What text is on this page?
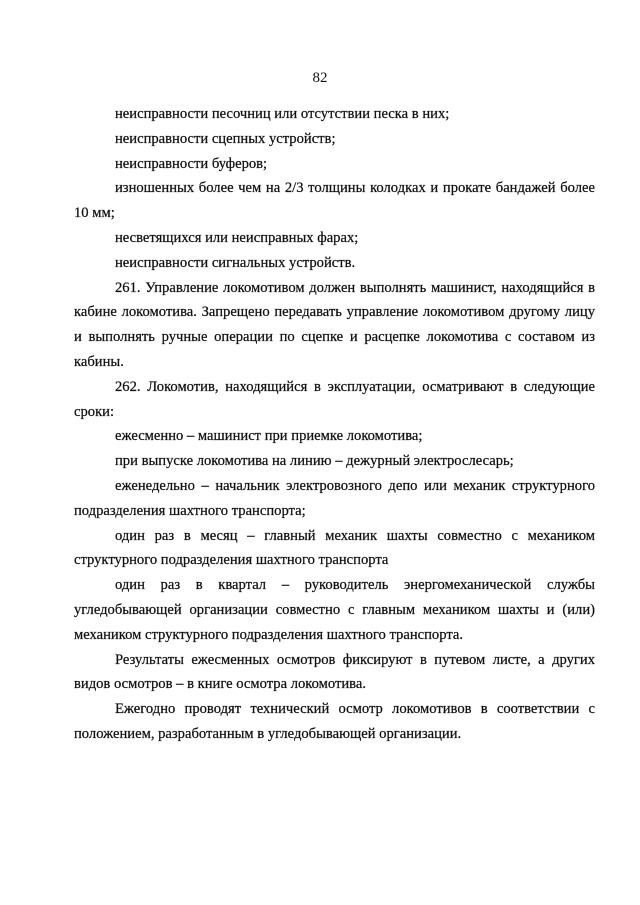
82

неисправности песочниц или отсутствии песка в них;

неисправности сцепных устройств;

неисправности буферов;

изношенных более чем на 2/3 толщины колодках и прокате бандажей более 10 мм;

несветящихся или неисправных фарах;

неисправности сигнальных устройств.

261. Управление локомотивом должен выполнять машинист, находящийся в кабине локомотива. Запрещено передавать управление локомотивом другому лицу и выполнять ручные операции по сцепке и расцепке локомотива с составом из кабины.

262. Локомотив, находящийся в эксплуатации, осматривают в следующие сроки:

ежесменно – машинист при приемке локомотива;

при выпуске локомотива на линию – дежурный электрослесарь;

еженедельно – начальник электровозного депо или механик структурного подразделения шахтного транспорта;

один раз в месяц – главный механик шахты совместно с механиком структурного подразделения шахтного транспорта

один раз в квартал – руководитель энергомеханической службы угледобывающей организации совместно с главным механиком шахты и (или) механиком структурного подразделения шахтного транспорта.

Результаты ежесменных осмотров фиксируют в путевом листе, а других видов осмотров – в книге осмотра локомотива.

Ежегодно проводят технический осмотр локомотивов в соответствии с положением, разработанным в угледобывающей организации.
